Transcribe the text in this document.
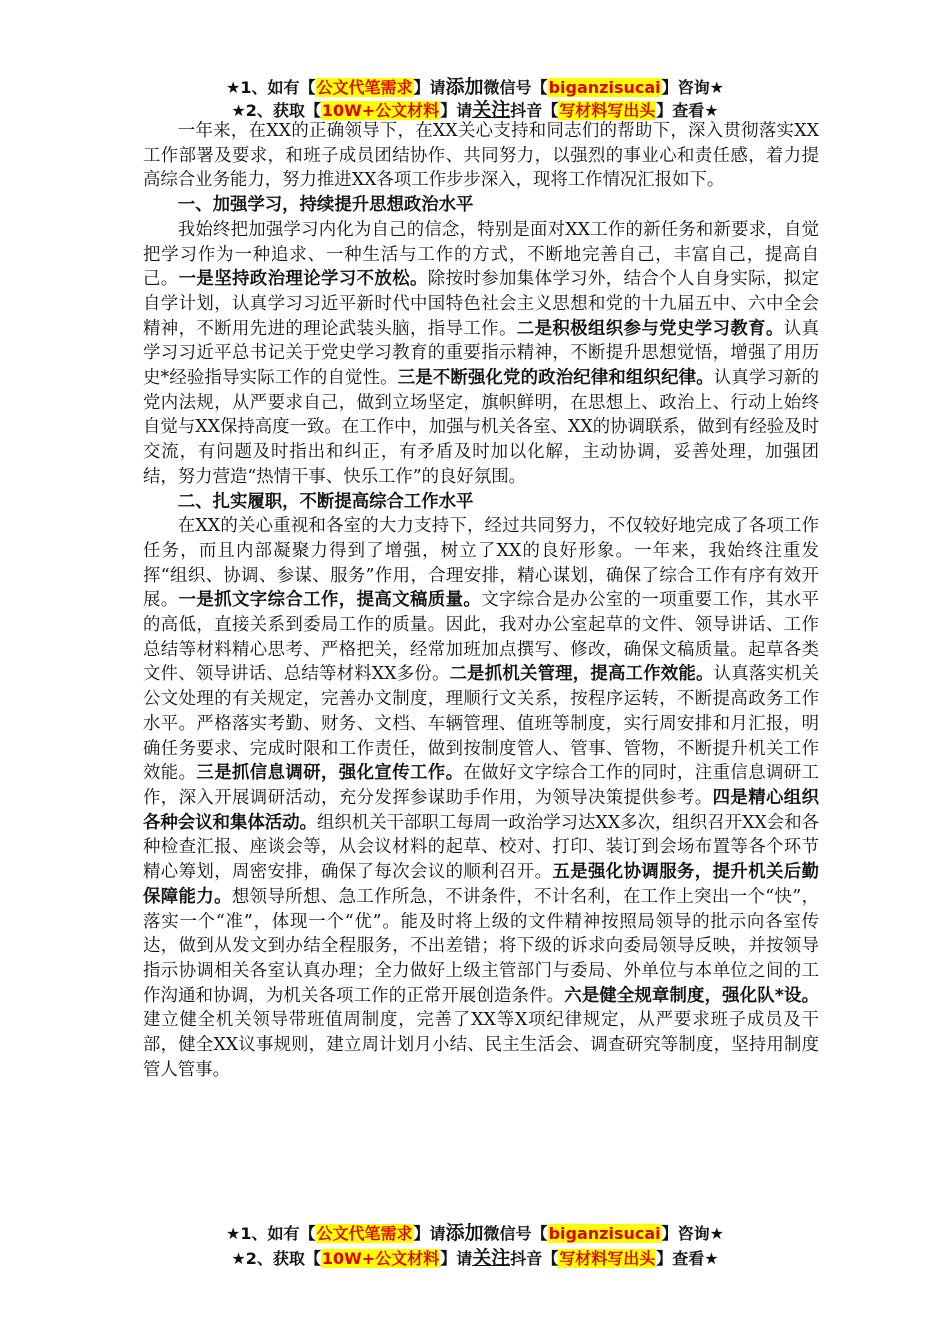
★1、如有【公文代笔需求】请添加微信号【biganzisucai】咨询★
★2、获取【10W+公文材料】请关注抖音【写材料写出头】查看★

一年来，在XX的正确领导下，在XX关心支持和同志们的帮助下，深入贯彻落实XX工作部署及要求，和班子成员团结协作、共同努力，以强烈的事业心和责任感，着力提高综合业务能力，努力推进XX各项工作步步深入，现将工作情况汇报如下。

一、加强学习，持续提升思想政治水平

我始终把加强学习内化为自己的信念，特别是面对XX工作的新任务和新要求，自觉把学习作为一种追求、一种生活与工作的方式，不断地完善自己，丰富自己，提高自己。一是坚持政治理论学习不放松。除按时参加集体学习外，结合个人自身实际，拟定自学计划，认真学习习近平新时代中国特色社会主义思想和党的十九届五中、六中全会精神，不断用先进的理论武装头脑，指导工作。二是积极组织参与党史学习教育。认真学习习近平总书记关于党史学习教育的重要指示精神，不断提升思想觉悟，增强了用历史*经验指导实际工作的自觉性。三是不断强化党的政治纪律和组织纪律。认真学习新的党内法规，从严要求自己，做到立场坚定，旗帜鲜明，在思想上、政治上、行动上始终自觉与XX保持高度一致。在工作中，加强与机关各室、XX的协调联系，做到有经验及时交流，有问题及时指出和纠正，有矛盾及时加以化解，主动协调，妥善处理，加强团结，努力营造“热情干事、快乐工作”的良好氛围。

二、扎实履职，不断提高综合工作水平

在XX的关心重视和各室的大力支持下，经过共同努力，不仅较好地完成了各项工作任务，而且内部凝聚力得到了增强，树立了XX的良好形象。一年来，我始终注重发挥“组织、协调、参谋、服务”作用，合理安排，精心谋划，确保了综合工作有序有效开展。一是抓文字综合工作，提高文稿质量。文字综合是办公室的一项重要工作，其水平的高低，直接关系到委局工作的质量。因此，我对办公室起草的文件、领导讲话、工作总结等材料精心思考、严格把关，经常加班加点撰写、修改，确保文稿质量。起草各类文件、领导讲话、总结等材料XX多份。二是抓机关管理，提高工作效能。认真落实机关公文处理的有关规定，完善办文制度，理顺行文关系，按程序运转，不断提高政务工作水平。严格落实考勤、财务、文档、车辆管理、值班等制度，实行周安排和月汇报，明确任务要求、完成时限和工作责任，做到按制度管人、管事、管物，不断提升机关工作效能。三是抓信息调研，强化宣传工作。在做好文字综合工作的同时，注重信息调研工作，深入开展调研活动，充分发挥参谋助手作用，为领导决策提供参考。四是精心组织各种会议和集体活动。组织机关干部职工每周一政治学习达XX多次，组织召开XX会和各种检查汇报、座谈会等，从会议材料的起草、校对、打印、装订到会场布置等各个环节精心筹划，周密安排，确保了每次会议的顺利召开。五是强化协调服务，提升机关后勤保障能力。想领导所想、急工作所急，不讲条件，不计名利，在工作上突出一个“快”，落实一个“准”，体现一个“优”。能及时将上级的文件精神按照局领导的批示向各室传达，做到从发文到办结全程服务，不出差错；将下级的诉求向委局领导反映，并按领导指示协调相关各室认真办理；全力做好上级主管部门与委局、外单位与本单位之间的工作沟通和协调，为机关各项工作的正常开展创造条件。六是健全规章制度，强化队*设。建立健全机关领导带班值周制度，完善了XX等X项纪律规定，从严要求班子成员及干部，健全XX议事规则，建立周计划月小结、民主生活会、调查研究等制度，坚持用制度管人管事。

★1、如有【公文代笔需求】请添加微信号【biganzisucai】咨询★
★2、获取【10W+公文材料】请关注抖音【写材料写出头】查看★
